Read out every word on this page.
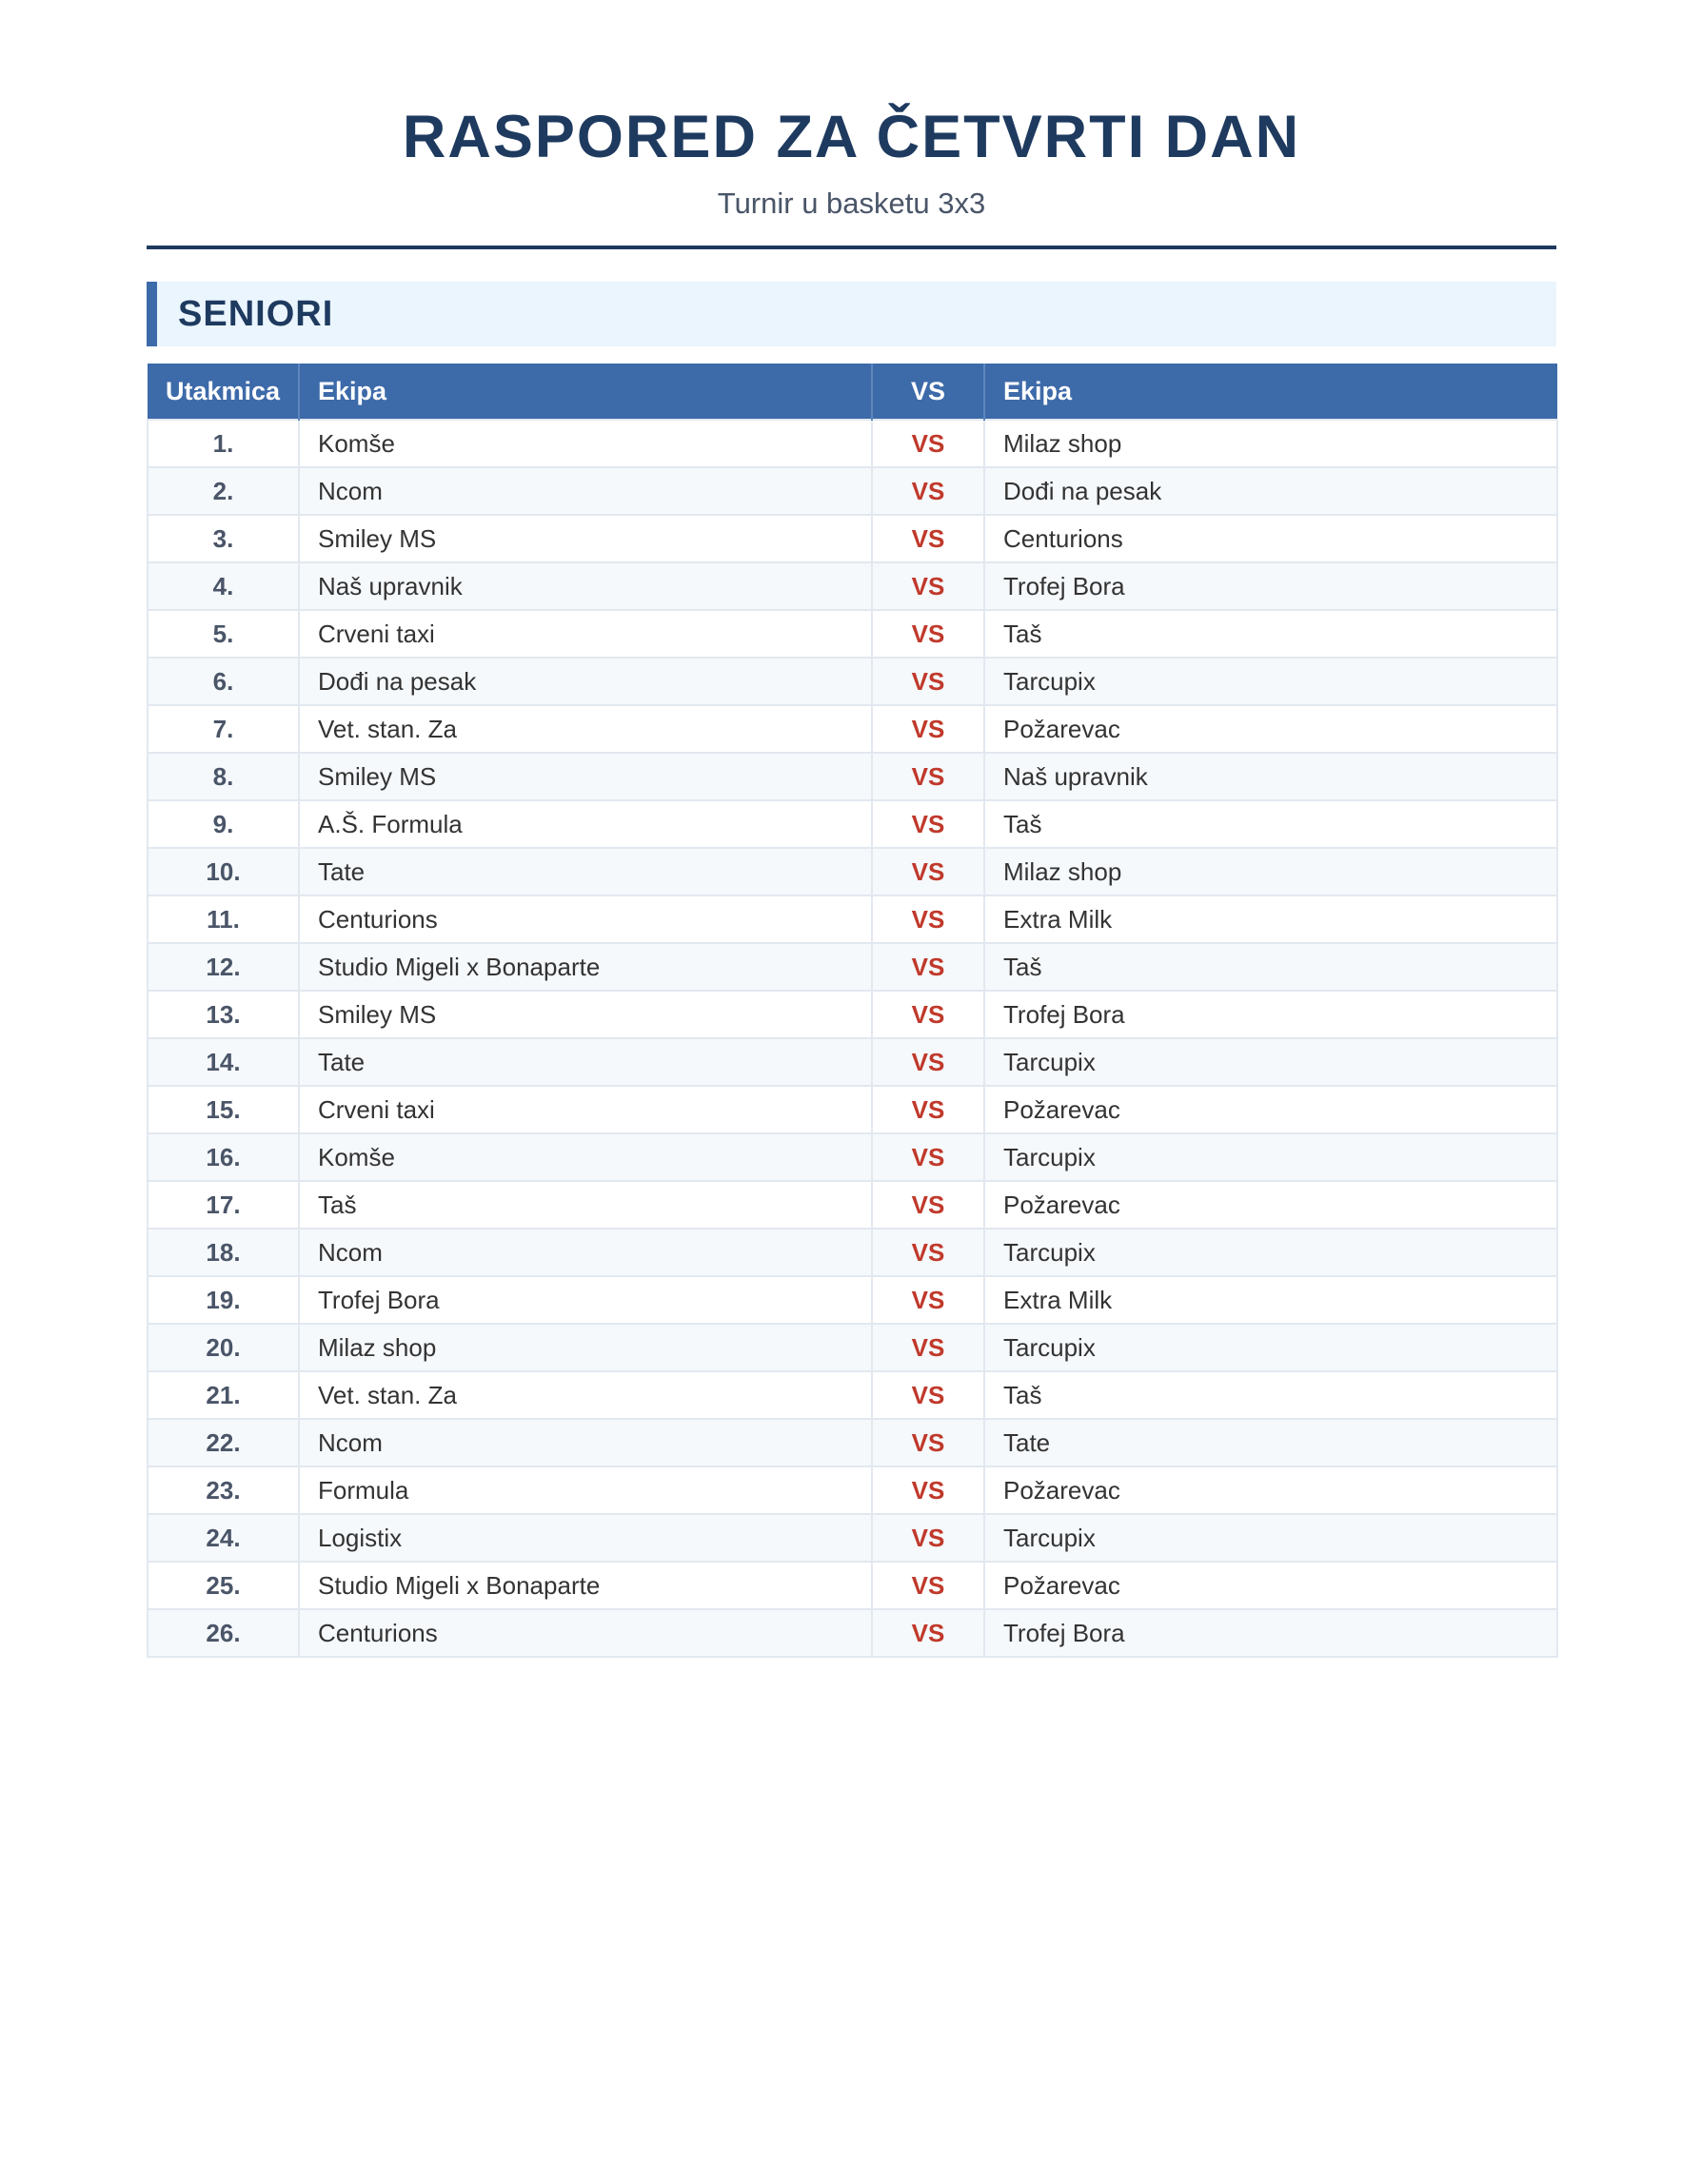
RASPORED ZA ČETVRTI DAN
Turnir u basketu 3x3
SENIORI
Utakmica	Ekipa	VS	Ekipa
1.	Komše	VS	Milaz shop
2.	Ncom	VS	Dođi na pesak
3.	Smiley MS	VS	Centurions
4.	Naš upravnik	VS	Trofej Bora
5.	Crveni taxi	VS	Taš
6.	Dođi na pesak	VS	Tarcupix
7.	Vet. stan. Za	VS	Požarevac
8.	Smiley MS	VS	Naš upravnik
9.	A.Š. Formula	VS	Taš
10.	Tate	VS	Milaz shop
11.	Centurions	VS	Extra Milk
12.	Studio Migeli x Bonaparte	VS	Taš
13.	Smiley MS	VS	Trofej Bora
14.	Tate	VS	Tarcupix
15.	Crveni taxi	VS	Požarevac
16.	Komše	VS	Tarcupix
17.	Taš	VS	Požarevac
18.	Ncom	VS	Tarcupix
19.	Trofej Bora	VS	Extra Milk
20.	Milaz shop	VS	Tarcupix
21.	Vet. stan. Za	VS	Taš
22.	Ncom	VS	Tate
23.	Formula	VS	Požarevac
24.	Logistix	VS	Tarcupix
25.	Studio Migeli x Bonaparte	VS	Požarevac
26.	Centurions	VS	Trofej Bora
